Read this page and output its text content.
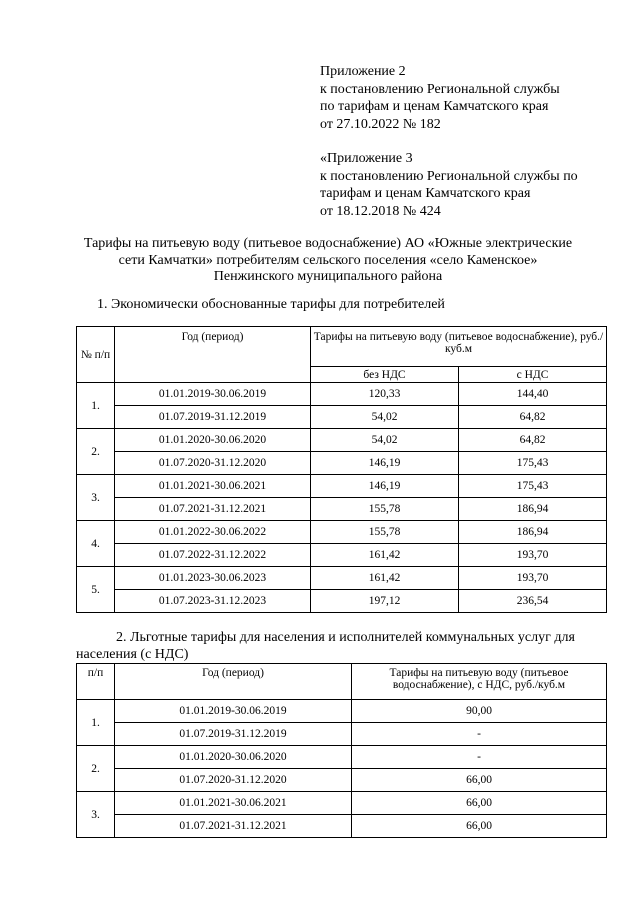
Приложение 2
к постановлению Региональной службы
по тарифам и ценам Камчатского края
от 27.10.2022 № 182
«Приложение 3
к постановлению Региональной службы по
тарифам и ценам Камчатского края
от 18.12.2018 № 424
Тарифы на питьевую воду (питьевое водоснабжение) АО «Южные электрические
сети Камчатки» потребителям сельского поселения «село Каменское»
Пенжинского муниципального района
1. Экономически обоснованные тарифы для потребителей
№ п/п	Год (период)	Тарифы на питьевую воду (питьевое водоснабжение), руб./куб.м	
		без НДС	с НДС
1.	01.01.2019-30.06.2019	120,33	144,40
	01.07.2019-31.12.2019	54,02	64,82
2.	01.01.2020-30.06.2020	54,02	64,82
	01.07.2020-31.12.2020	146,19	175,43
3.	01.01.2021-30.06.2021	146,19	175,43
	01.07.2021-31.12.2021	155,78	186,94
4.	01.01.2022-30.06.2022	155,78	186,94
	01.07.2022-31.12.2022	161,42	193,70
5.	01.01.2023-30.06.2023	161,42	193,70
	01.07.2023-31.12.2023	197,12	236,54
2. Льготные тарифы для населения и исполнителей коммунальных услуг для населения (с НДС)
п/п	Год (период)	Тарифы на питьевую воду (питьевое водоснабжение), с НДС, руб./куб.м
1.	01.01.2019-30.06.2019	90,00
	01.07.2019-31.12.2019	-
2.	01.01.2020-30.06.2020	-
	01.07.2020-31.12.2020	66,00
3.	01.01.2021-30.06.2021	66,00
	01.07.2021-31.12.2021	66,00
